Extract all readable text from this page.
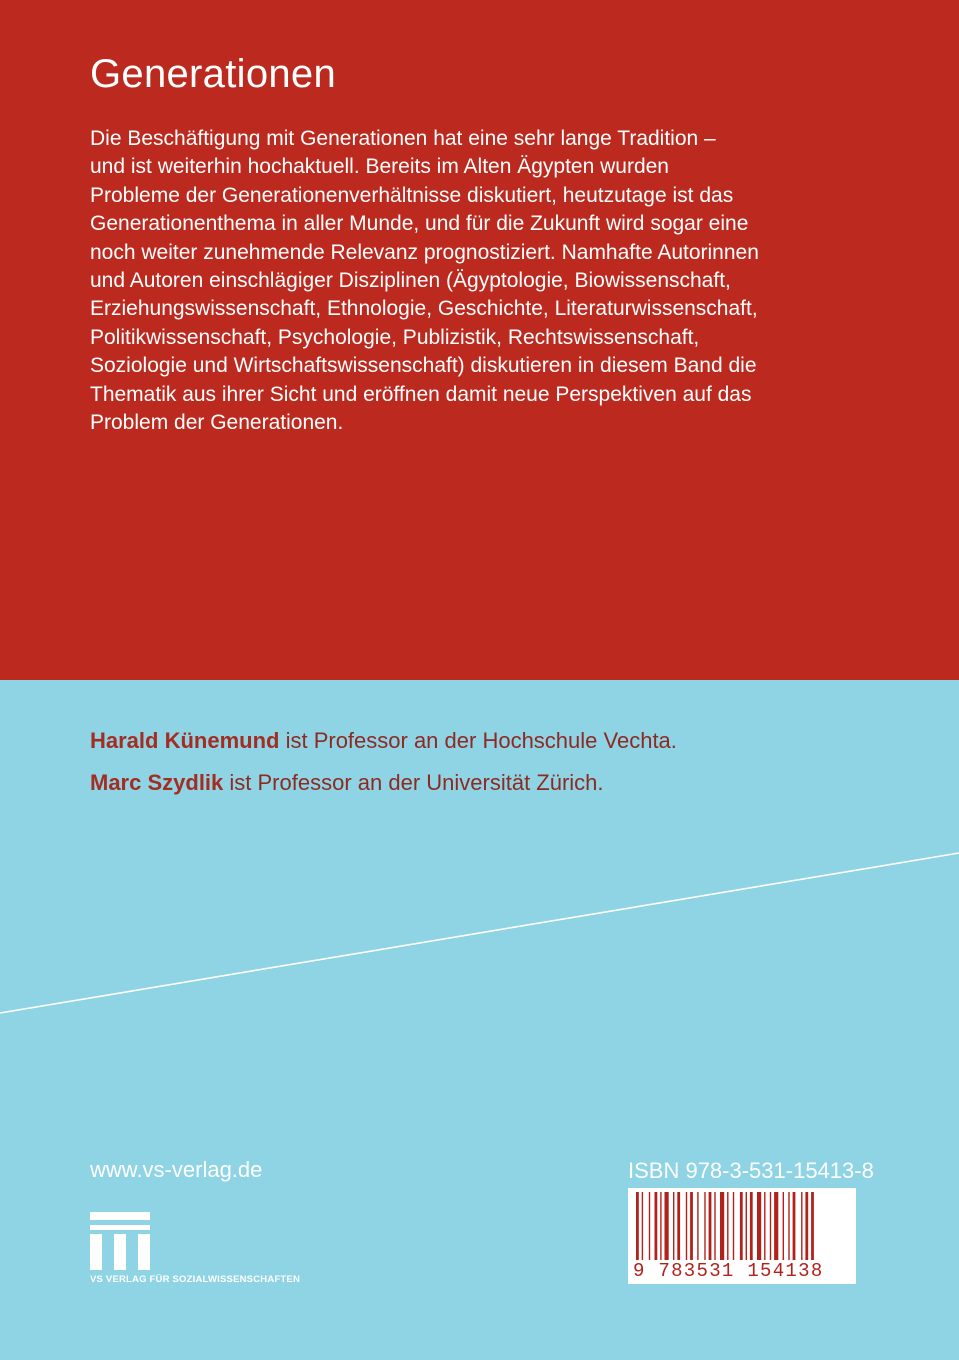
Generationen
Die Beschäftigung mit Generationen hat eine sehr lange Tradition –
und ist weiterhin hochaktuell. Bereits im Alten Ägypten wurden
Probleme der Generationenverhältnisse diskutiert, heutzutage ist das
Generationenthema in aller Munde, und für die Zukunft wird sogar eine
noch weiter zunehmende Relevanz prognostiziert. Namhafte Autorinnen
und Autoren einschlägiger Disziplinen (Ägyptologie, Biowissenschaft,
Erziehungswissenschaft, Ethnologie, Geschichte, Literaturwissenschaft,
Politikwissenschaft, Psychologie, Publizistik, Rechtswissenschaft,
Soziologie und Wirtschaftswissenschaft) diskutieren in diesem Band die
Thematik aus ihrer Sicht und eröffnen damit neue Perspektiven auf das
Problem der Generationen.
Harald Künemund ist Professor an der Hochschule Vechta.
Marc Szydlik ist Professor an der Universität Zürich.
www.vs-verlag.de
VS VERLAG FÜR SOZIALWISSENSCHAFTEN
ISBN 978-3-531-15413-8
9 783531 154138
